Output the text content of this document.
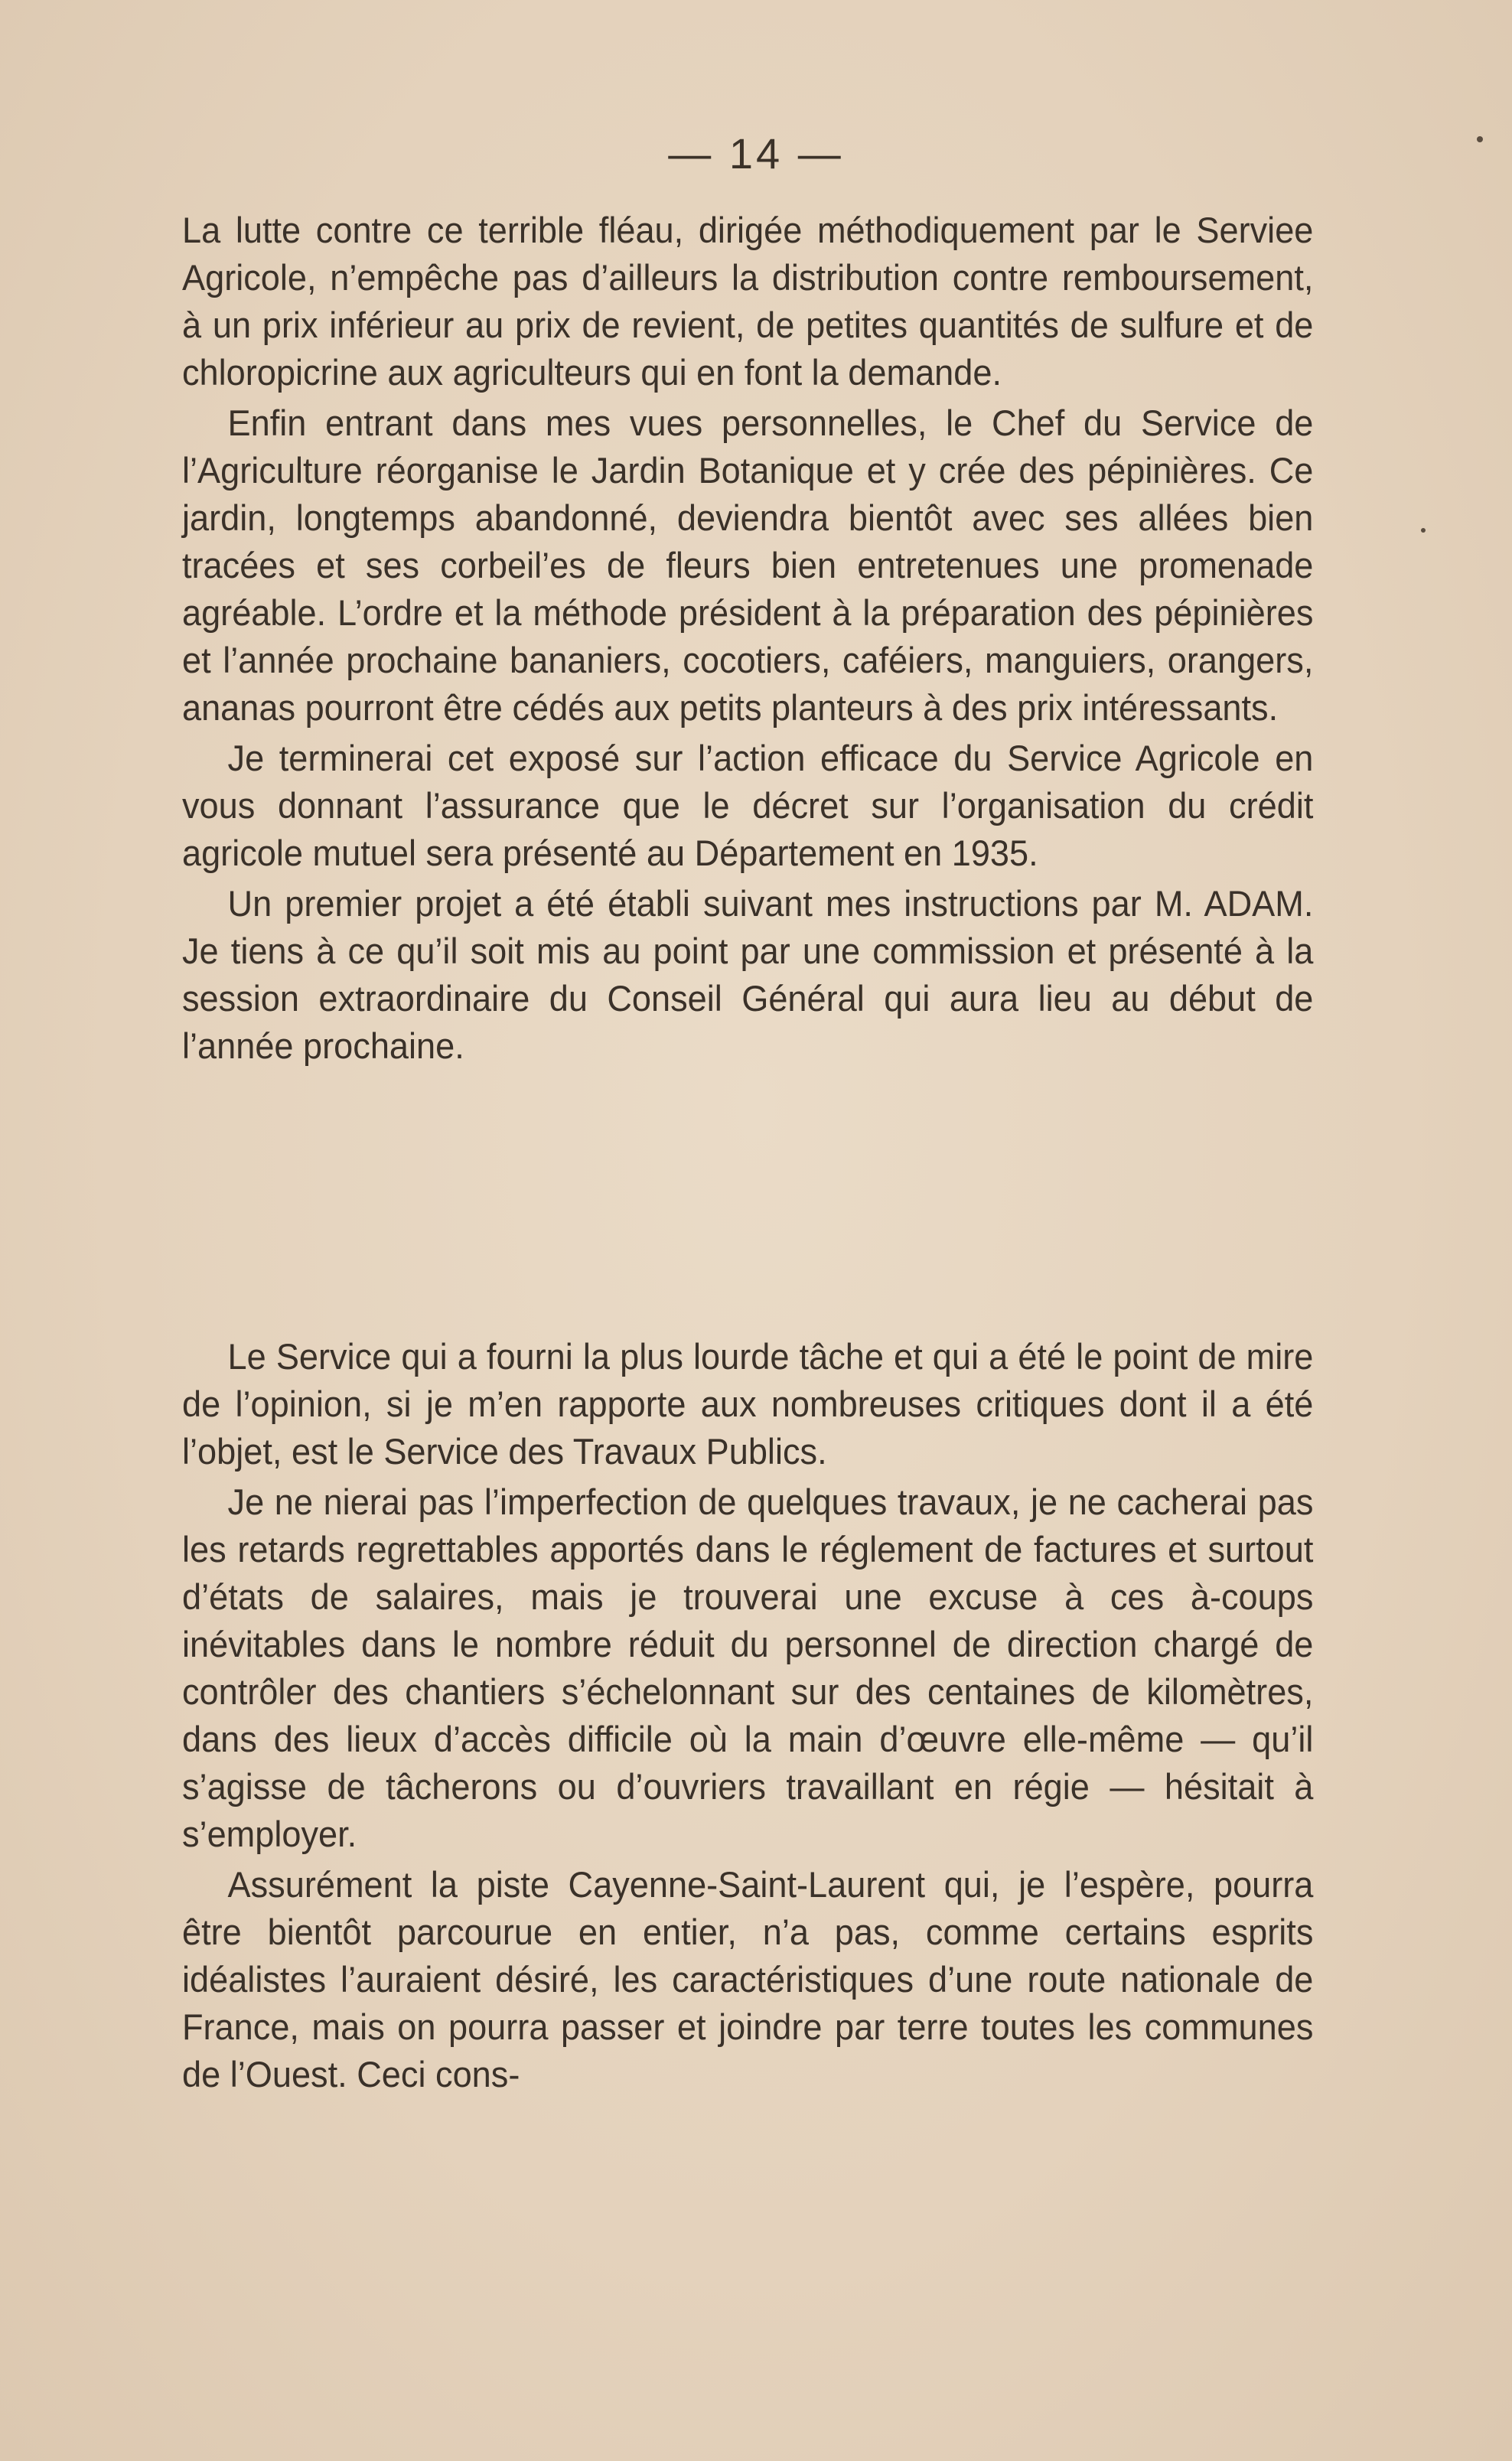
— 14 —

La lutte contre ce terrible fléau, dirigée méthodiquement par le Serviee Agricole, n’empêche pas d’ailleurs la distribution contre remboursement, à un prix inférieur au prix de revient, de petites quantités de sulfure et de chloropicrine aux agriculteurs qui en font la demande.

Enfin entrant dans mes vues personnelles, le Chef du Service de l’Agriculture réorganise le Jardin Botanique et y crée des pépinières. Ce jardin, longtemps abandonné, deviendra bientôt avec ses allées bien tracées et ses corbeil’es de fleurs bien entretenues une promenade agréable. L’ordre et la méthode président à la préparation des pépinières et l’année prochaine bananiers, cocotiers, caféiers, manguiers, orangers, ananas pourront être cédés aux petits planteurs à des prix intéressants.

Je terminerai cet exposé sur l’action efficace du Service Agricole en vous donnant l’assurance que le décret sur l’organisation du crédit agricole mutuel sera présenté au Département en 1935.

Un premier projet a été établi suivant mes instructions par M. ADAM. Je tiens à ce qu’il soit mis au point par une commission et présenté à la session extraordinaire du Conseil Général qui aura lieu au début de l’année prochaine.

Le Service qui a fourni la plus lourde tâche et qui a été le point de mire de l’opinion, si je m’en rapporte aux nombreuses critiques dont il a été l’objet, est le Service des Travaux Publics.

Je ne nierai pas l’imperfection de quelques travaux, je ne cacherai pas les retards regrettables apportés dans le réglement de factures et surtout d’états de salaires, mais je trouverai une excuse à ces à-coups inévitables dans le nombre réduit du personnel de direction chargé de contrôler des chantiers s’échelonnant sur des centaines de kilomètres, dans des lieux d’accès difficile où la main d’œuvre elle-même — qu’il s’agisse de tâcherons ou d’ouvriers travaillant en régie — hésitait à s’employer.

Assurément la piste Cayenne-Saint-Laurent qui, je l’espère, pourra être bientôt parcourue en entier, n’a pas, comme certains esprits idéalistes l’auraient désiré, les caractéristiques d’une route nationale de France, mais on pourra passer et joindre par terre toutes les communes de l’Ouest. Ceci cons-
